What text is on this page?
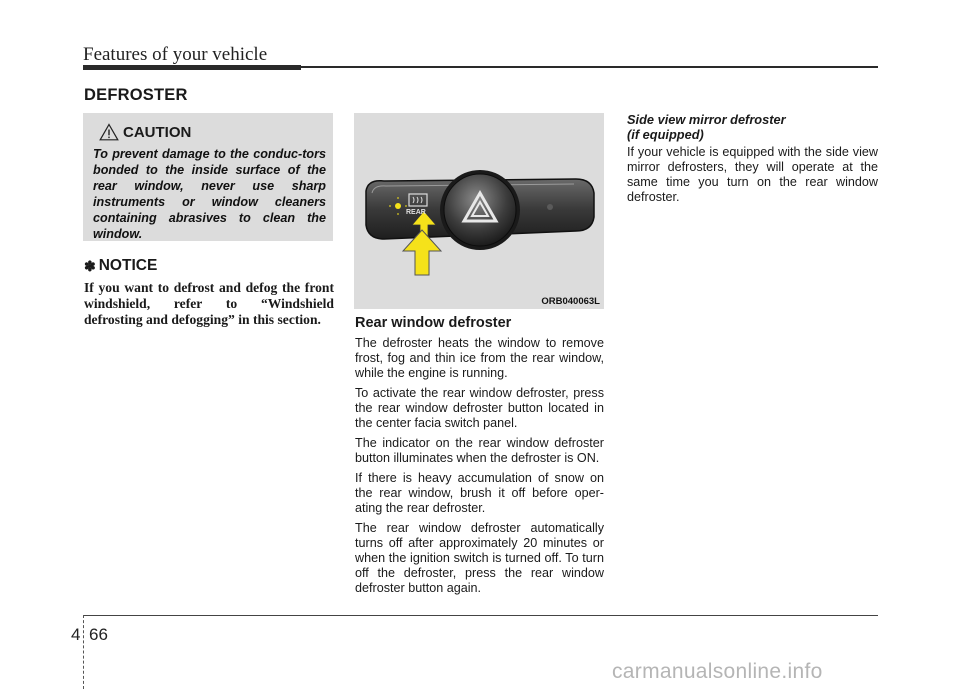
Features of your vehicle
DEFROSTER
CAUTION
To prevent damage to the conduc-tors bonded to the inside surface of the rear window, never use sharp instruments or window cleaners containing abrasives to clean the window.
✽ NOTICE
If you want to defrost and defog the front windshield, refer to “Windshield defrosting and defogging” in this section.
REAR
ORB040063L
Rear window defroster

The defroster heats the window to remove frost, fog and thin ice from the rear window, while the engine is running.

To activate the rear window defroster, press the rear window defroster button located in the center facia switch panel.

The indicator on the rear window defroster button illuminates when the defroster is ON.

If there is heavy accumulation of snow on the rear window, brush it off before oper-ating the rear defroster.

The rear window defroster automatically turns off after approximately 20 minutes or when the ignition switch is turned off. To turn off the defroster, press the rear window defroster button again.

Side view mirror defroster
(if equipped)
If your vehicle is equipped with the side view mirror defrosters, they will operate at the same time you turn on the rear window defroster.
4 66
carmanualsonline.info
